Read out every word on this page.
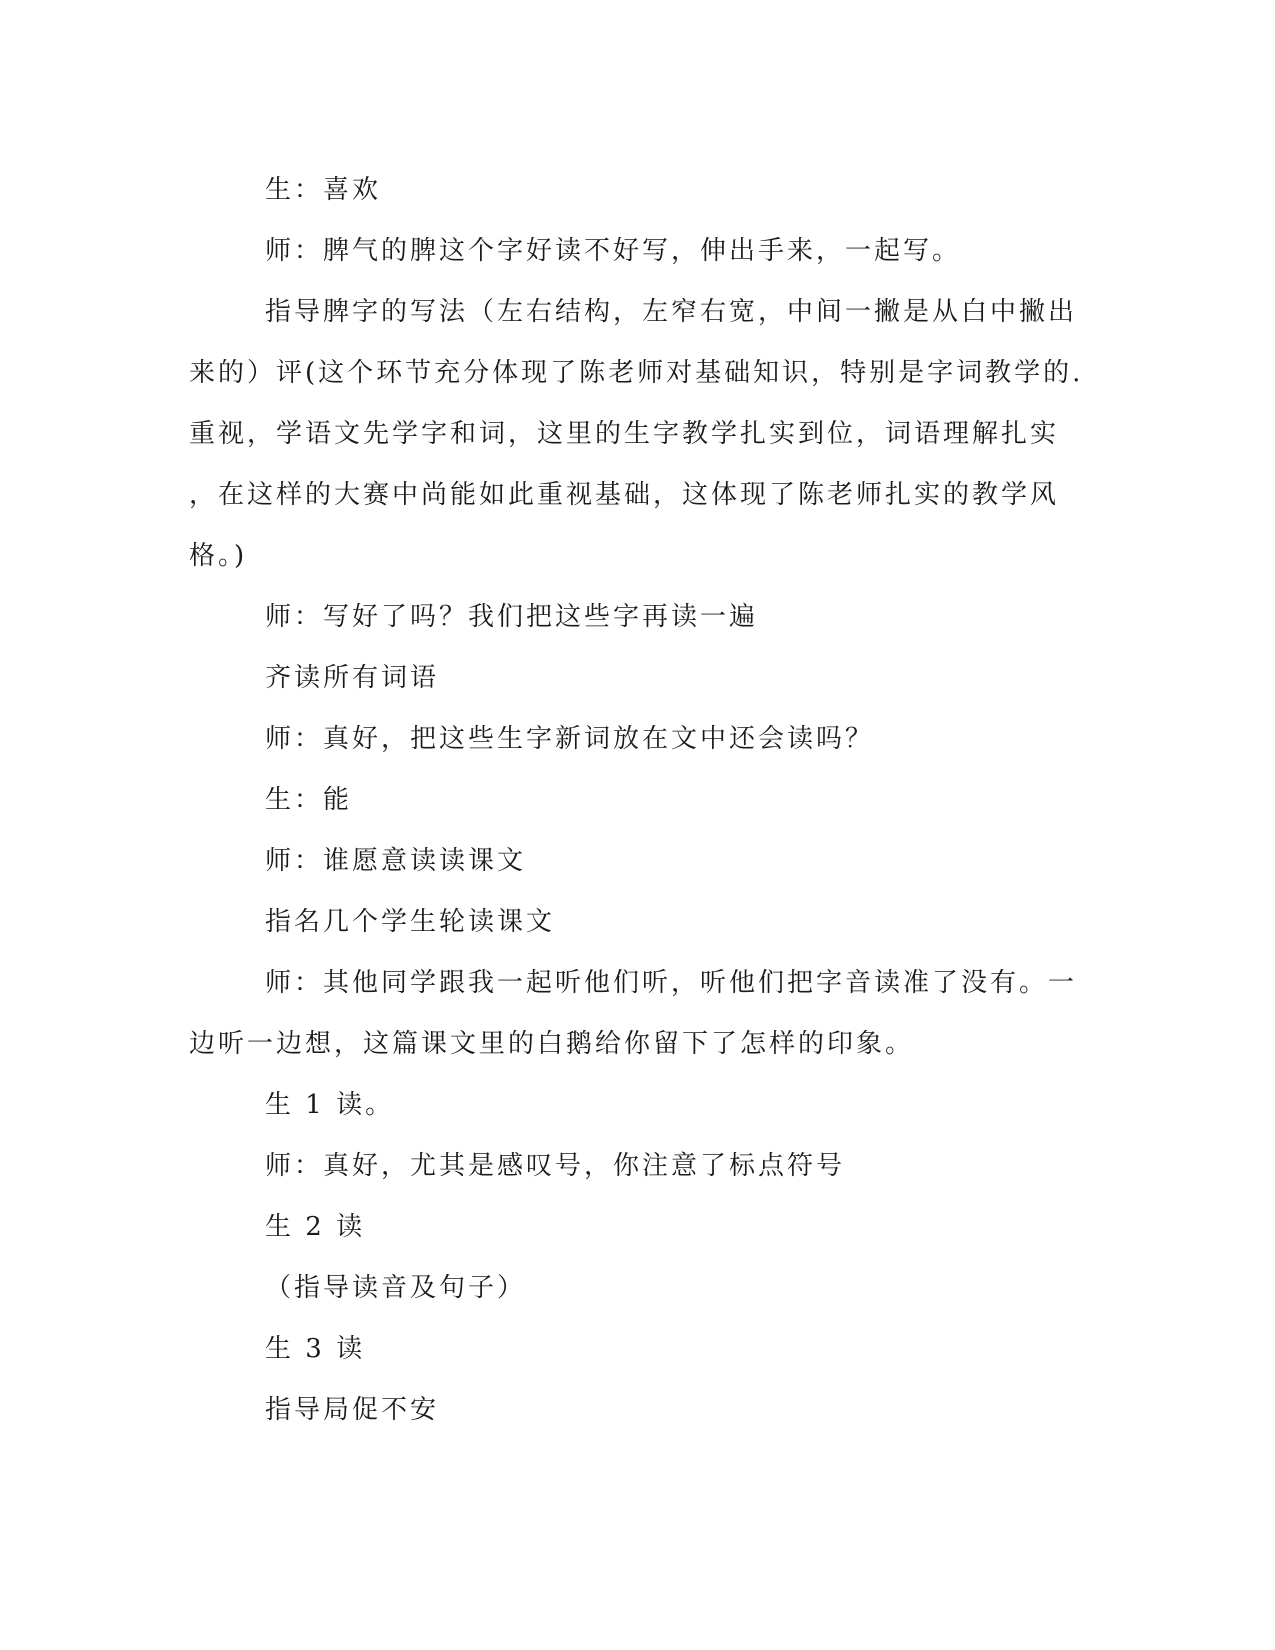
生：喜欢
师：脾气的脾这个字好读不好写，伸出手来，一起写。
指导脾字的写法（左右结构，左窄右宽，中间一撇是从白中撇出
来的）评(这个环节充分体现了陈老师对基础知识，特别是字词教学的.
重视，学语文先学字和词，这里的生字教学扎实到位，词语理解扎实
，在这样的大赛中尚能如此重视基础，这体现了陈老师扎实的教学风
格。)
师：写好了吗？我们把这些字再读一遍
齐读所有词语
师：真好，把这些生字新词放在文中还会读吗？
生：能
师：谁愿意读读课文
指名几个学生轮读课文
师：其他同学跟我一起听他们听，听他们把字音读准了没有。一
边听一边想，这篇课文里的白鹅给你留下了怎样的印象。
生 1 读。
师：真好，尤其是感叹号，你注意了标点符号
生 2 读
（指导读音及句子）
生 3 读
指导局促不安
